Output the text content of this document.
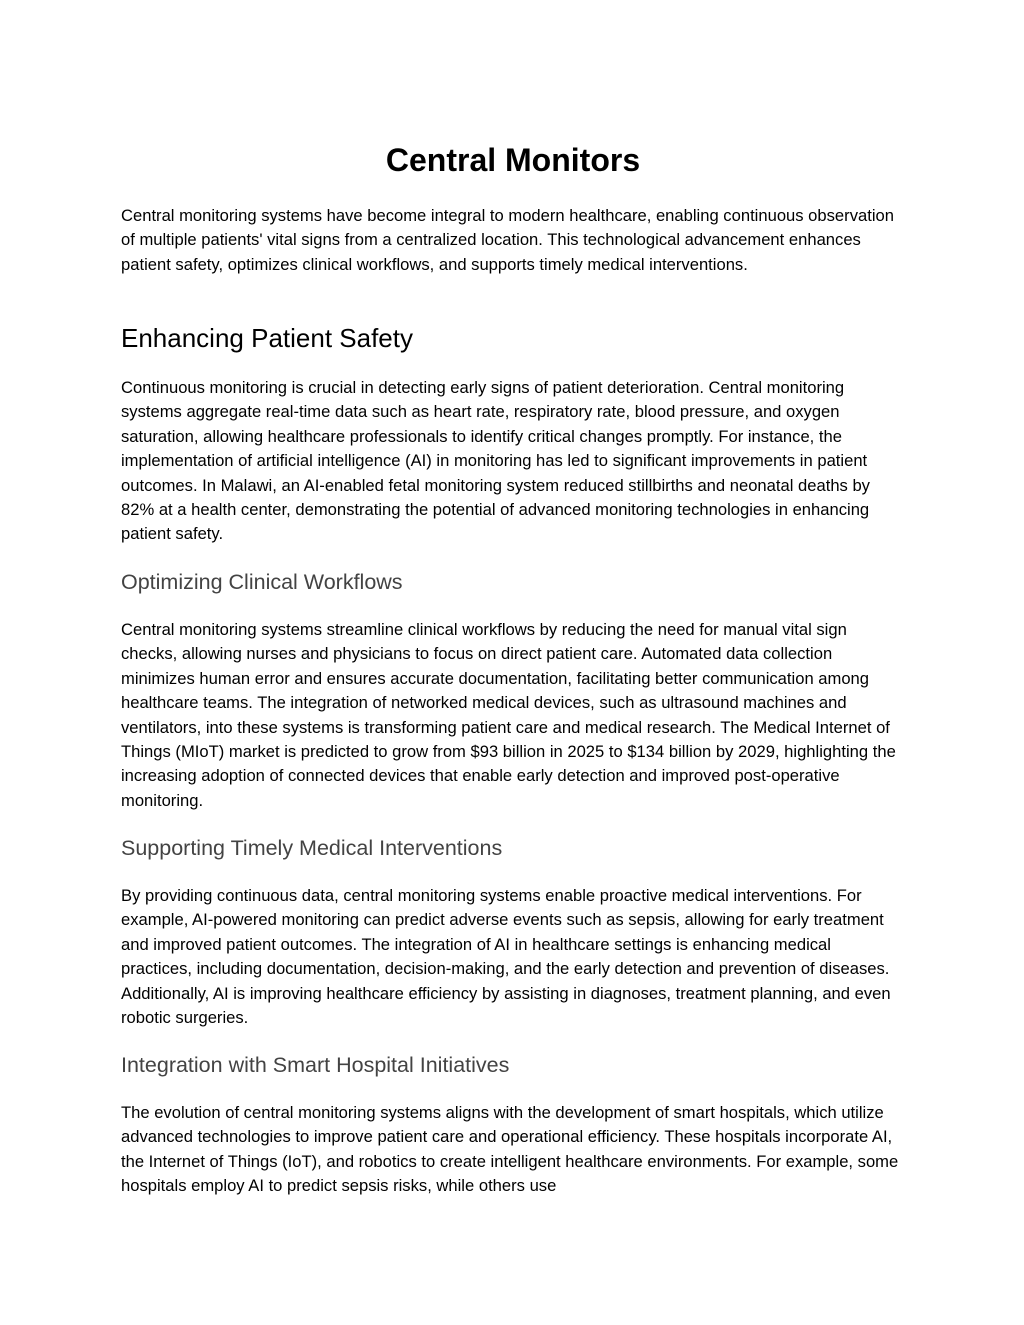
Central Monitors

Central monitoring systems have become integral to modern healthcare, enabling continuous observation of multiple patients' vital signs from a centralized location. This technological advancement enhances patient safety, optimizes clinical workflows, and supports timely medical interventions.

Enhancing Patient Safety

Continuous monitoring is crucial in detecting early signs of patient deterioration. Central monitoring systems aggregate real-time data such as heart rate, respiratory rate, blood pressure, and oxygen saturation, allowing healthcare professionals to identify critical changes promptly. For instance, the implementation of artificial intelligence (AI) in monitoring has led to significant improvements in patient outcomes. In Malawi, an AI-enabled fetal monitoring system reduced stillbirths and neonatal deaths by 82% at a health center, demonstrating the potential of advanced monitoring technologies in enhancing patient safety.

Optimizing Clinical Workflows

Central monitoring systems streamline clinical workflows by reducing the need for manual vital sign checks, allowing nurses and physicians to focus on direct patient care. Automated data collection minimizes human error and ensures accurate documentation, facilitating better communication among healthcare teams. The integration of networked medical devices, such as ultrasound machines and ventilators, into these systems is transforming patient care and medical research. The Medical Internet of Things (MIoT) market is predicted to grow from $93 billion in 2025 to $134 billion by 2029, highlighting the increasing adoption of connected devices that enable early detection and improved post-operative monitoring.

Supporting Timely Medical Interventions

By providing continuous data, central monitoring systems enable proactive medical interventions. For example, AI-powered monitoring can predict adverse events such as sepsis, allowing for early treatment and improved patient outcomes. The integration of AI in healthcare settings is enhancing medical practices, including documentation, decision-making, and the early detection and prevention of diseases. Additionally, AI is improving healthcare efficiency by assisting in diagnoses, treatment planning, and even robotic surgeries.

Integration with Smart Hospital Initiatives

The evolution of central monitoring systems aligns with the development of smart hospitals, which utilize advanced technologies to improve patient care and operational efficiency. These hospitals incorporate AI, the Internet of Things (IoT), and robotics to create intelligent healthcare environments. For example, some hospitals employ AI to predict sepsis risks, while others use
